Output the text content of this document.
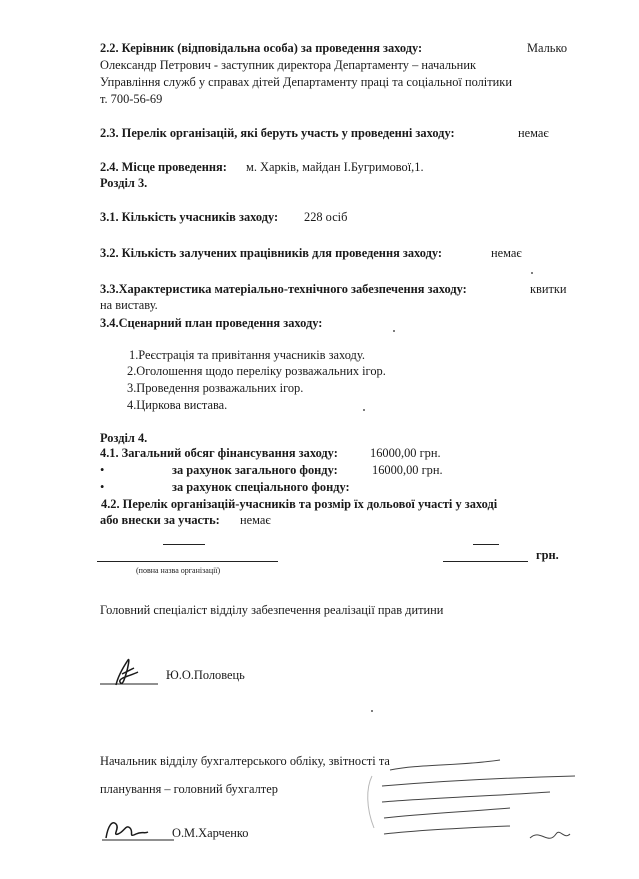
2.2. Керівник (відповідальна особа) за проведення заходу:	Малько
Олександр Петрович - заступник директора Департаменту – начальник
Управління служб у справах дітей Департаменту праці та соціальної політики
т. 700-56-69
2.3. Перелік організацій, які беруть участь у проведенні заходу:	немає
2.4. Місце проведення: м. Харків, майдан І.Бугримової,1.
Розділ 3.
3.1. Кількість учасників заходу: 228 осіб
3.2. Кількість залучених працівників для проведення заходу:	немає
3.3.Характеристика матеріально-технічного забезпечення заходу:	квитки
на виставу.
3.4.Сценарний план проведення заходу:
1.Реєстрація та привітання учасників заходу.
2.Оголошення щодо переліку розважальних ігор.
3.Проведення розважальних ігор.
4.Циркова вистава.
Розділ 4.
4.1. Загальний обсяг фінансування заходу:	16000,00 грн.
•	за рахунок загального фонду:	16000,00 грн.
•	за рахунок спеціального фонду:
4.2. Перелік організацій-учасників та розмір їх дольової участі у заході
або внески за участь: немає
грн.
(повна назва організації)
Головний спеціаліст відділу забезпечення реалізації прав дитини
Ю.О.Половець
Начальник відділу бухгалтерського обліку, звітності та
планування – головний бухгалтер
О.М.Харченко
